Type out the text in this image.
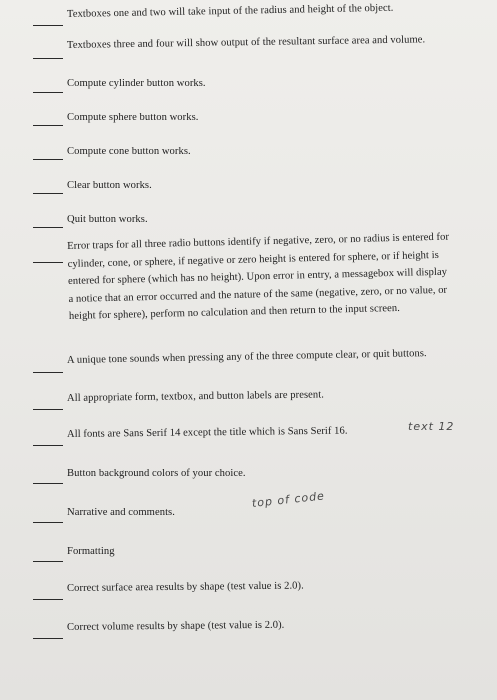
Textboxes one and two will take input of the radius and height of the object.
Textboxes three and four will show output of the resultant surface area and volume.
Compute cylinder button works.
Compute sphere button works.
Compute cone button works.
Clear button works.
Quit button works.
Error traps for all three radio buttons identify if negative, zero, or no radius is entered for
cylinder, cone, or sphere, if negative or zero height is entered for sphere, or if height is
entered for sphere (which has no height). Upon error in entry, a messagebox will display
a notice that an error occurred and the nature of the same (negative, zero, or no value, or
height for sphere), perform no calculation and then return to the input screen.
A unique tone sounds when pressing any of the three compute clear, or quit buttons.
All appropriate form, textbox, and button labels are present.
All fonts are Sans Serif 14 except the title which is Sans Serif 16.	text 12
Button background colors of your choice.
Narrative and comments.
top of code
Formatting
Correct surface area results by shape (test value is 2.0).
Correct volume results by shape (test value is 2.0).
